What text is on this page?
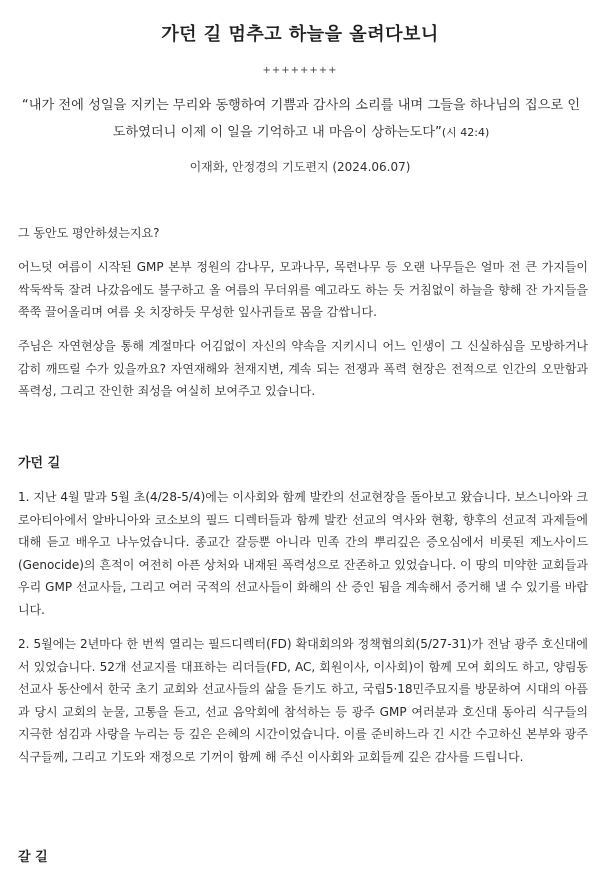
가던 길 멈추고 하늘을 올려다보니
++++++++
“내가 전에 성일을 지키는 무리와 동행하여 기쁨과 감사의 소리를 내며 그들을 하나님의 집으로 인도하였더니 이제 이 일을 기억하고 내 마음이 상하는도다”(시 42:4)
이재화, 안정경의 기도편지 (2024.06.07)

그 동안도 평안하셨는지요?

어느덧 여름이 시작된 GMP 본부 정원의 감나무, 모과나무, 목련나무 등 오랜 나무들은 얼마 전 큰 가지들이 싹둑싹둑 잘려 나갔음에도 불구하고 올 여름의 무더위를 예고라도 하는 듯 거침없이 하늘을 향해 잔 가지들을 쭉쭉 끌어올리며 여름 옷 치장하듯 무성한 잎사귀들로 몸을 감쌉니다.

주님은 자연현상을 통해 계절마다 어김없이 자신의 약속을 지키시니 어느 인생이 그 신실하심을 모방하거나 감히 깨뜨릴 수가 있을까요? 자연재해와 천재지변, 계속 되는 전쟁과 폭력 현장은 전적으로 인간의 오만함과 폭력성, 그리고 잔인한 죄성을 여실히 보여주고 있습니다.

가던 길

1. 지난 4월 말과 5월 초(4/28-5/4)에는 이사회와 함께 발칸의 선교현장을 돌아보고 왔습니다. 보스니아와 크로아티아에서 알바니아와 코소보의 필드 디렉터들과 함께 발칸 선교의 역사와 현황, 향후의 선교적 과제들에 대해 듣고 배우고 나누었습니다. 종교간 갈등뿐 아니라 민족 간의 뿌리깊은 증오심에서 비롯된 제노사이드(Genocide)의 흔적이 여전히 아픈 상처와 내재된 폭력성으로 잔존하고 있었습니다. 이 땅의 미약한 교회들과 우리 GMP 선교사들, 그리고 여러 국적의 선교사들이 화해의 산 증인 됨을 계속해서 증거해 낼 수 있기를 바랍니다.

2. 5월에는 2년마다 한 번씩 열리는 필드디렉터(FD) 확대회의와 정책협의회(5/27-31)가 전남 광주 호신대에서 있었습니다. 52개 선교지를 대표하는 리더들(FD, AC, 회원이사, 이사회)이 함께 모여 회의도 하고, 양림동 선교사 동산에서 한국 초기 교회와 선교사들의 삶을 듣기도 하고, 국립5·18민주묘지를 방문하여 시대의 아픔과 당시 교회의 눈물, 고통을 듣고, 선교 음악회에 참석하는 등 광주 GMP 여러분과 호신대 동아리 식구들의 지극한 섬김과 사랑을 누리는 등 깊은 은혜의 시간이었습니다. 이를 준비하느라 긴 시간 수고하신 본부와 광주 식구들께, 그리고 기도와 재정으로 기꺼이 함께 해 주신 이사회와 교회들께 깊은 감사를 드립니다.

갈 길
